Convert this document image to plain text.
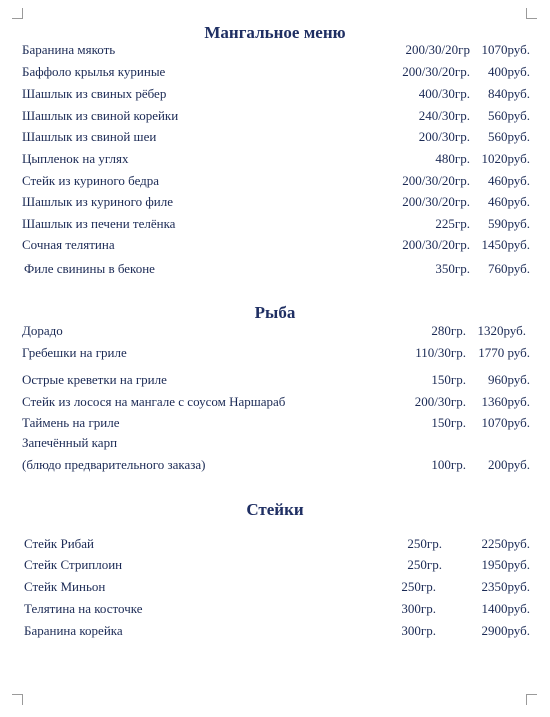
Мангальное меню
Баранина мякоть	200/30/20гр 1070руб.
Баффоло крылья куриные	200/30/20гр. 400руб.
Шашлык из свиных рёбер	400/30гр. 840руб.
Шашлык из свиной корейки	240/30гр. 560руб.
Шашлык из свиной шеи	200/30гр. 560руб.
Цыпленок на углях	480гр. 1020руб.
Стейк из куриного бедра	200/30/20гр. 460руб.
Шашлык из куриного филе	200/30/20гр. 460руб.
Шашлык из печени телёнка	225гр. 590руб.
Сочная телятина	200/30/20гр. 1450руб.
Филе свинины в беконе	350гр. 760руб.
Рыба
Дорадо	280гр. 1320руб.
Гребешки на гриле	110/30гр. 1770 руб.
Острые креветки на гриле	150гр. 960руб.
Стейк из лосося на мангале с соусом Наршараб	200/30гр. 1360руб.
Таймень на гриле	150гр. 1070руб.
Запечённый карп
(блюдо предварительного заказа)	100гр. 200руб.
Стейки
Стейк Рибай	250гр.	2250руб.
Стейк Стриплоин	250гр.	1950руб.
Стейк Миньон	250гр.	2350руб.
Телятина на косточке	300гр.	1400руб.
Баранина корейка	300гр.	2900руб.
